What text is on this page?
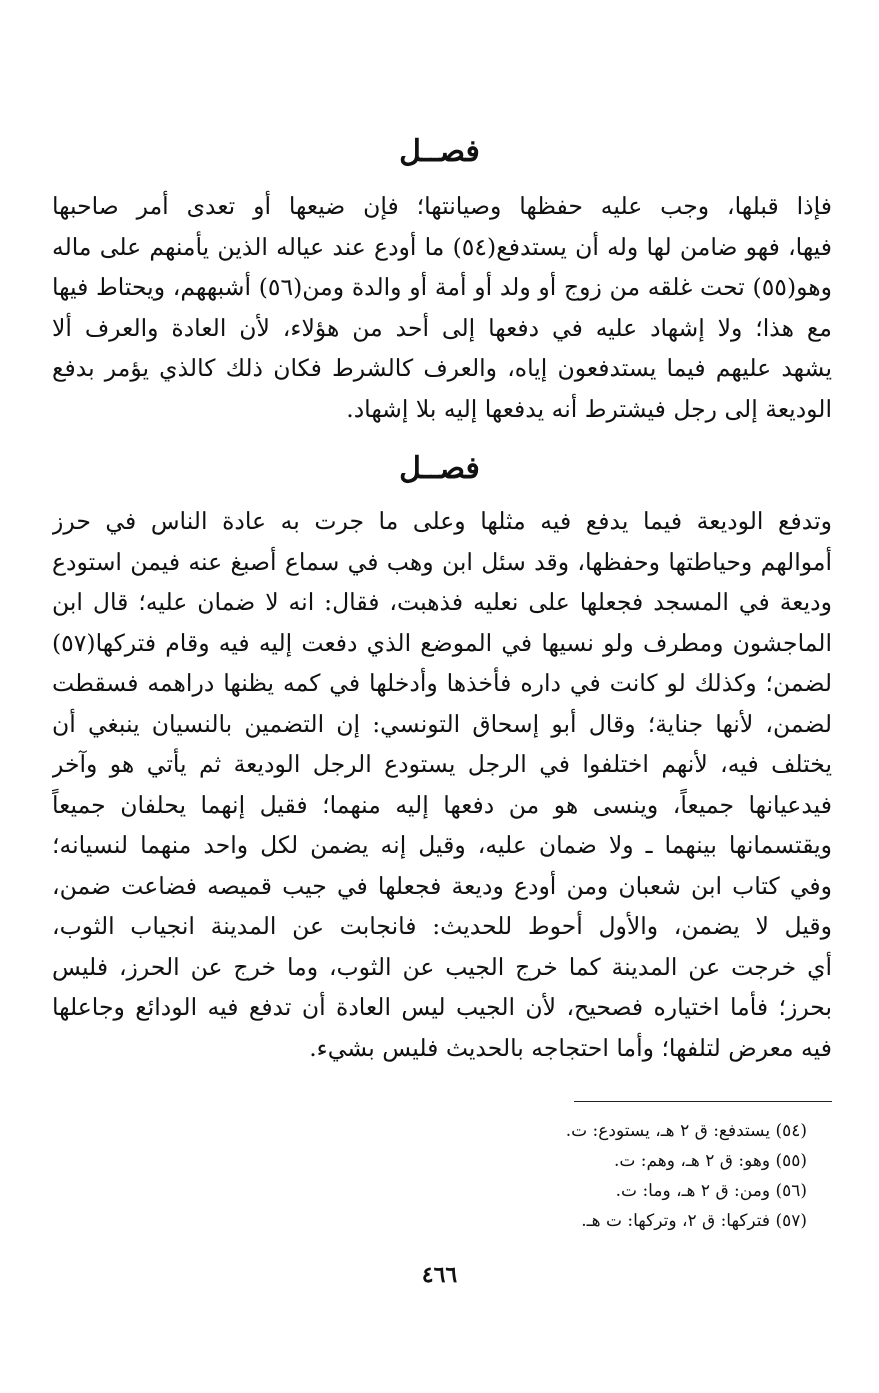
فصــل
فإذا قبلها، وجب عليه حفظها وصيانتها؛ فإن ضيعها أو تعدى أمر صاحبها
فيها، فهو ضامن لها وله أن يستدفع(٥٤) ما أودع عند عياله الذين يأمنهم على ماله
وهو(٥٥) تحت غلقه من زوج أو ولد أو أمة أو والدة ومن(٥٦) أشبههم، ويحتاط فيها
مع هذا؛ ولا إشهاد عليه في دفعها إلى أحد من هؤلاء، لأن العادة والعرف ألا
يشهد عليهم فيما يستدفعون إياه، والعرف كالشرط فكان ذلك كالذي يؤمر بدفع
الوديعة إلى رجل فيشترط أنه يدفعها إليه بلا إشهاد.
فصــل
وتدفع الوديعة فيما يدفع فيه مثلها وعلى ما جرت به عادة الناس في حرز
أموالهم وحياطتها وحفظها، وقد سئل ابن وهب في سماع أصبغ عنه فيمن استودع
وديعة في المسجد فجعلها على نعليه فذهبت، فقال: انه لا ضمان عليه؛ قال ابن
الماجشون ومطرف ولو نسيها في الموضع الذي دفعت إليه فيه وقام فتركها(٥٧)
لضمن؛ وكذلك لو كانت في داره فأخذها وأدخلها في كمه يظنها دراهمه فسقطت
لضمن، لأنها جناية؛ وقال أبو إسحاق التونسي: إن التضمين بالنسيان ينبغي أن
يختلف فيه، لأنهم اختلفوا في الرجل يستودع الرجل الوديعة ثم يأتي هو وآخر
فيدعيانها جميعاً، وينسى هو من دفعها إليه منهما؛ فقيل إنهما يحلفان جميعاً
ويقتسمانها بينهما ـ ولا ضمان عليه، وقيل إنه يضمن لكل واحد منهما لنسيانه؛
وفي كتاب ابن شعبان ومن أودع وديعة فجعلها في جيب قميصه فضاعت ضمن،
وقيل لا يضمن، والأول أحوط للحديث: فانجابت عن المدينة انجياب الثوب،
أي خرجت عن المدينة كما خرج الجيب عن الثوب، وما خرج عن الحرز، فليس
بحرز؛ فأما اختياره فصحيح، لأن الجيب ليس العادة أن تدفع فيه الودائع وجاعلها
فيه معرض لتلفها؛ وأما احتجاجه بالحديث فليس بشيء.
(٥٤) يستدفع: ق ٢ هـ، يستودع: ت.
(٥٥) وهو: ق ٢ هـ، وهم: ت.
(٥٦) ومن: ق ٢ هـ، وما: ت.
(٥٧) فتركها: ق ٢، وتركها: ت هـ.
٤٦٦
